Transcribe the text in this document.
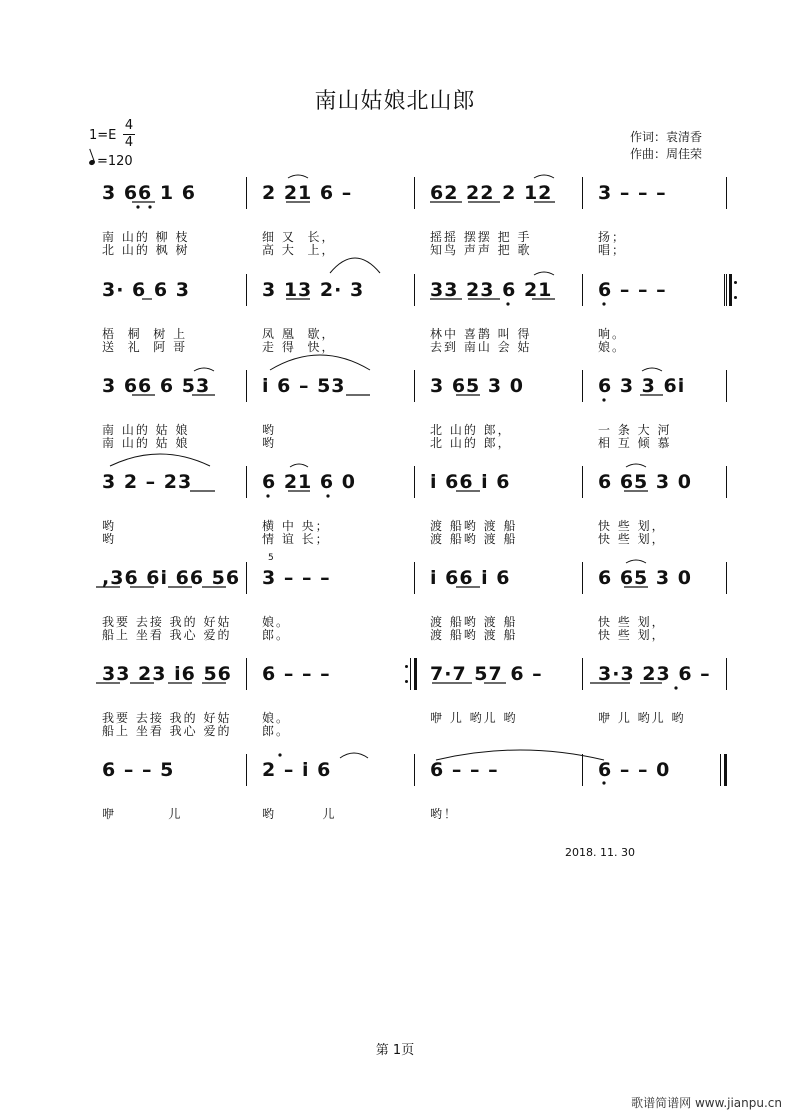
南山姑娘北山郎
1=E
4
4
=120
作词：袁清香
作曲：周佳荣
3 66 1 6
南 山的 柳 枝
北 山的 枫 树
2 21 6 –
细 又  长，
高 大  上，
62 22 2 12
摇摇 摆摆 把 手
知鸟 声声 把 歌
3 – – –
扬；
唱；
3· 6 6 3
梧  桐  树 上
送  礼  阿 哥
3 13 2· 3
凤 凰  歇，
走 得  快，
33 23 6 21
林中 喜鹊 叫 得
去到 南山 会 姑
6 – – –
响。
娘。
3 66 6 53
南 山的 姑 娘
南 山的 姑 娘
i 6 – 53
哟
哟
3 65 3 0
北 山的 郎，
北 山的 郎，
6 3 3 6i
一 条 大 河
相 互 倾 慕
3 2 – 23
哟
哟
6 21 6 0
横 中 央；
情 谊 长；
i 66 i 6
渡 船哟 渡 船
渡 船哟 渡 船
6 65 3 0
快 些 划，
快 些 划，
,36 6i 66 56
我要 去接 我的 好姑
船上 坐看 我心 爱的
3 – – –
娘。
郎。
i 66 i 6
渡 船哟 渡 船
渡 船哟 渡 船
6 65 3 0
快 些 划，
快 些 划，
5
33 23 i6 56
我要 去接 我的 好姑
船上 坐看 我心 爱的
6 – – –
娘。
郎。
7·7 57 6 –
咿 儿 哟儿 哟
3·3 23 6 –
咿 儿 哟儿 哟
6 – – 5
咿         儿
2 – i 6
哟        儿
6 – – –
哟！
6 – – 0
2018. 11. 30
第 1页
歌谱简谱网 www.jianpu.cn
